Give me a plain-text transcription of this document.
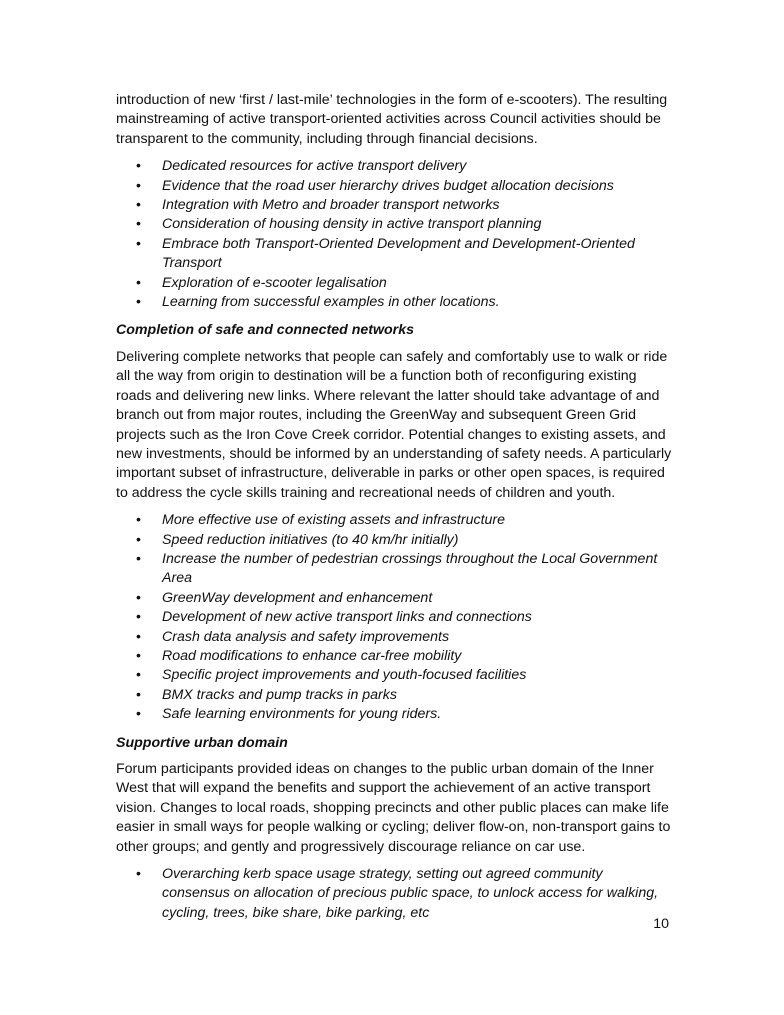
introduction of new ‘first / last-mile’ technologies in the form of e-scooters). The resulting mainstreaming of active transport-oriented activities across Council activities should be transparent to the community, including through financial decisions.

• Dedicated resources for active transport delivery
• Evidence that the road user hierarchy drives budget allocation decisions
• Integration with Metro and broader transport networks
• Consideration of housing density in active transport planning
• Embrace both Transport-Oriented Development and Development-Oriented Transport
• Exploration of e-scooter legalisation
• Learning from successful examples in other locations.
Completion of safe and connected networks

Delivering complete networks that people can safely and comfortably use to walk or ride all the way from origin to destination will be a function both of reconfiguring existing roads and delivering new links. Where relevant the latter should take advantage of and branch out from major routes, including the GreenWay and subsequent Green Grid projects such as the Iron Cove Creek corridor. Potential changes to existing assets, and new investments, should be informed by an understanding of safety needs. A particularly important subset of infrastructure, deliverable in parks or other open spaces, is required to address the cycle skills training and recreational needs of children and youth.

• More effective use of existing assets and infrastructure
• Speed reduction initiatives (to 40 km/hr initially)
• Increase the number of pedestrian crossings throughout the Local Government Area
• GreenWay development and enhancement
• Development of new active transport links and connections
• Crash data analysis and safety improvements
• Road modifications to enhance car-free mobility
• Specific project improvements and youth-focused facilities
• BMX tracks and pump tracks in parks
• Safe learning environments for young riders.
Supportive urban domain

Forum participants provided ideas on changes to the public urban domain of the Inner West that will expand the benefits and support the achievement of an active transport vision. Changes to local roads, shopping precincts and other public places can make life easier in small ways for people walking or cycling; deliver flow-on, non-transport gains to other groups; and gently and progressively discourage reliance on car use.

• Overarching kerb space usage strategy, setting out agreed community consensus on allocation of precious public space, to unlock access for walking, cycling, trees, bike share, bike parking, etc
10
